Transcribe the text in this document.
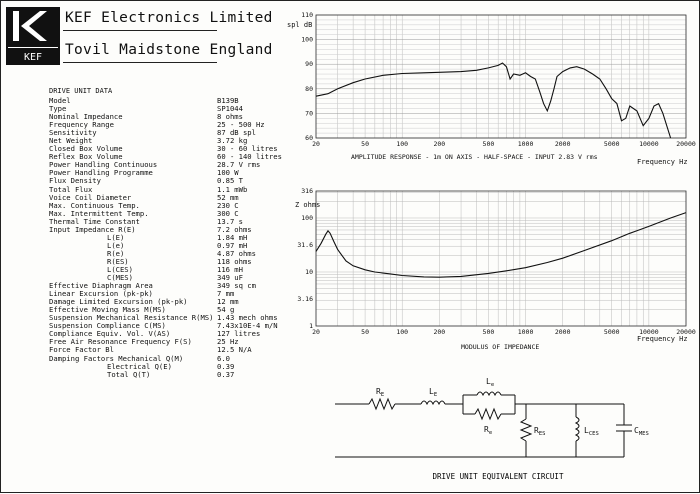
KEF
KEF Electronics Limited
Tovil Maidstone England
DRIVE UNIT DATA
Model	B139B
Type	SP1044
Nominal Impedance	8 ohms
Frequency Range	25 - 500 Hz
Sensitivity	87 dB spl
Net Weight	3.72 kg
Closed Box Volume	30 - 60 litres
Reflex Box Volume	60 - 140 litres
Power Handling Continuous	28.7 V rms
Power Handling Programme	100 W
Flux Density	0.85 T
Total Flux	1.1 mWb
Voice Coil Diameter	52 mm
Max. Continuous Temp.	230 C
Max. Intermittent Temp.	300 C
Thermal Time Constant	13.7 s
Input Impedance R(E)	7.2 ohms
L(E)	1.84 mH
L(e)	0.97 mH
R(e)	4.87 ohms
R(ES)	118 ohms
L(CES)	116 mH
C(MES)	349 uF
Effective Diaphragm Area	349 sq cm
Linear Excursion (pk-pk)	7 mm
Damage Limited Excursion (pk-pk)	12 mm
Effective Moving Mass M(MS)	54 g
Suspension Mechanical Resistance R(MS) 1.43 mech ohms
Suspension Compliance C(MS)	7.43x10E-4 m/N
Compliance Equiv. Vol. V(AS)	127 litres
Free Air Resonance Frequency F(S)	25 Hz
Force Factor Bl	12.5 N/A
Damping Factors Mechanical Q(M)	6.0
Electrical Q(E)	0.39
Total Q(T)	0.37
20	50	100	200	500	1000	2000	5000	10000	20000
60
70
80
90
100
110
AMPLITUDE RESPONSE - 1m ON AXIS - HALF-SPACE - INPUT 2.83 V rms
spl dB
Frequency Hz
20	50	100	200	500	1000	2000	5000	10000	20000
1
3.16
10
31.6
100
316
MODULUS OF IMPEDANCE
Z ohms
Frequency Hz
$R_E$	$L_E$
$L_e$
$R_e$	$R_{ES}$	$L_{CES}$	$C_{MES}$
DRIVE UNIT EQUIVALENT CIRCUIT
